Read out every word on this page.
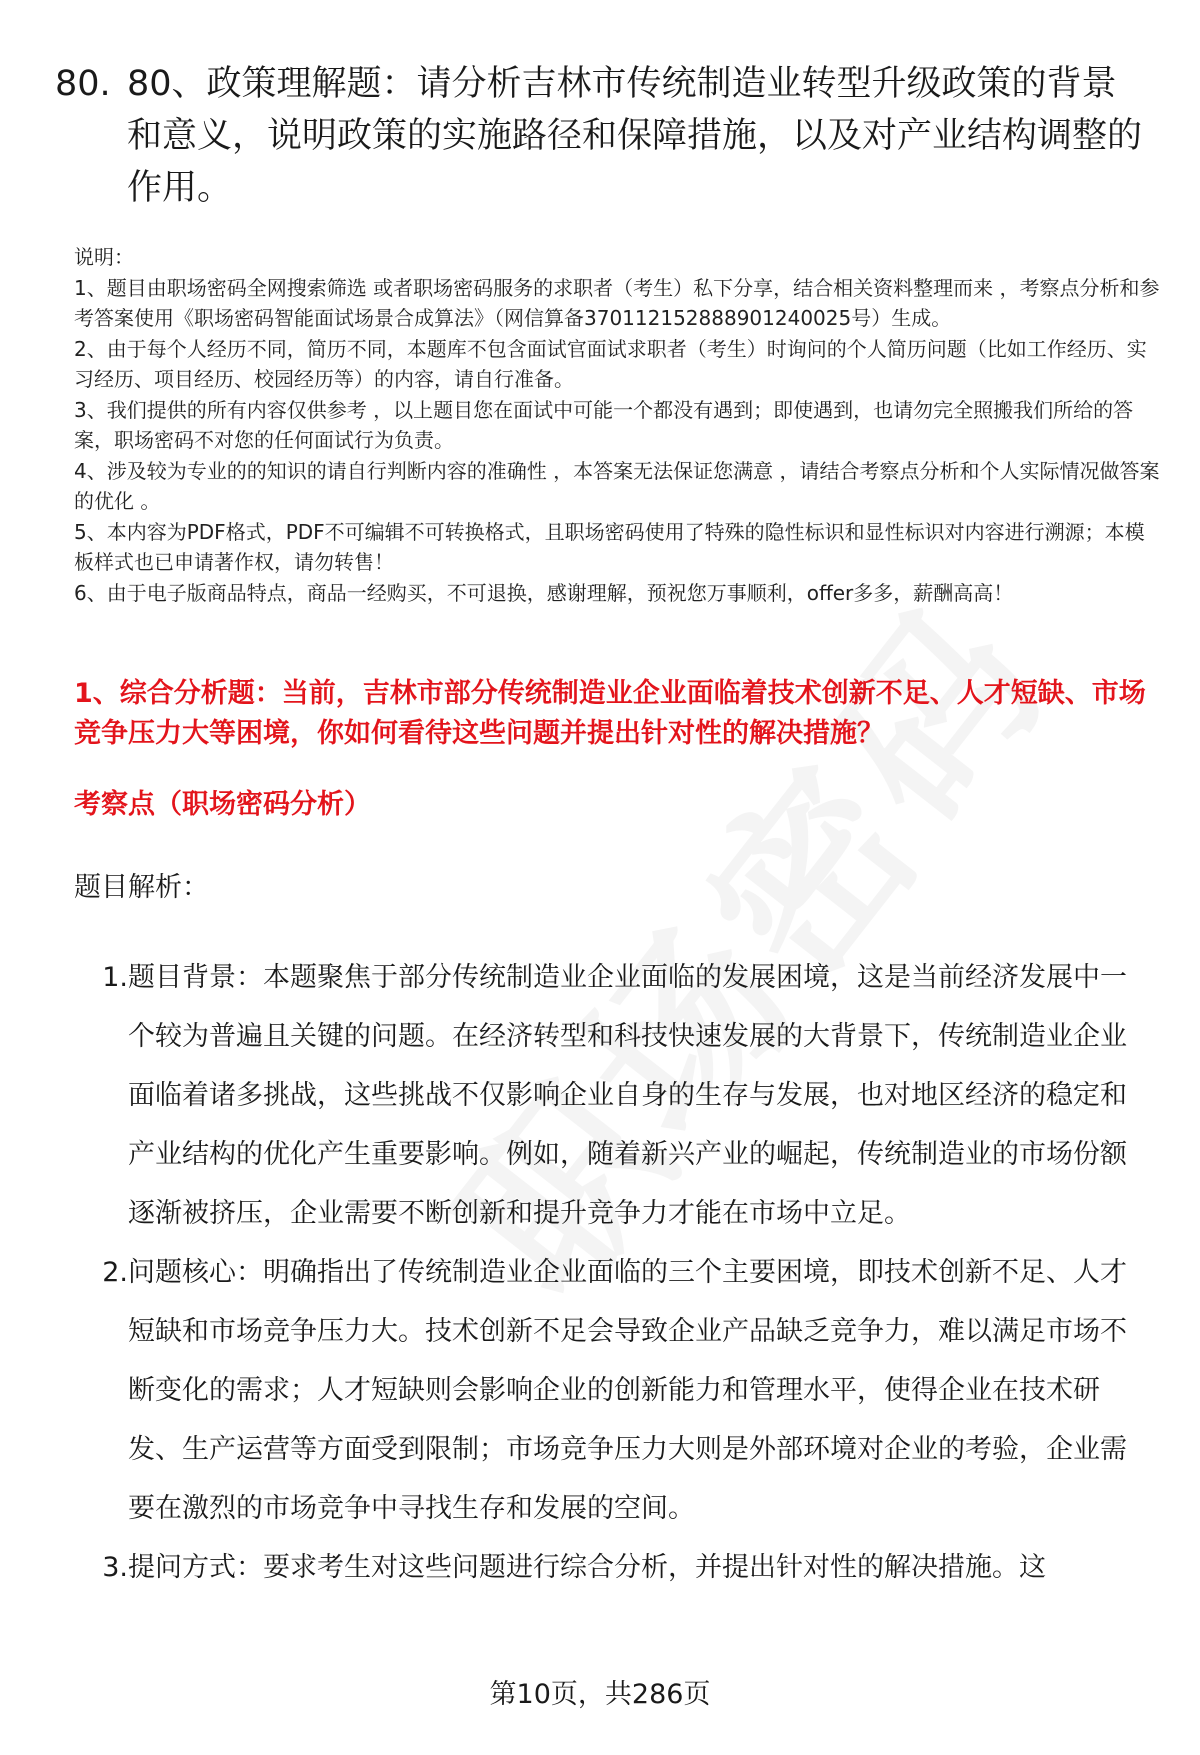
80. 80、政策理解题：请分析吉林市传统制造业转型升级政策的背景和意义，说明政策的实施路径和保障措施，以及对产业结构调整的作用。

说明：

1、题目由职场密码全网搜索筛选 或者职场密码服务的求职者（考生）私下分享，结合相关资料整理而来 ，考察点分析和参考答案使用《职场密码智能面试场景合成算法》（网信算备370112152888901240025号）生成。

2、由于每个人经历不同，简历不同，本题库不包含面试官面试求职者（考生）时询问的个人简历问题（比如工作经历、实习经历、项目经历、校园经历等）的内容，请自行准备。

3、我们提供的所有内容仅供参考 ，以上题目您在面试中可能一个都没有遇到；即使遇到，也请勿完全照搬我们所给的答案，职场密码不对您的任何面试行为负责。

4、涉及较为专业的的知识的请自行判断内容的准确性 ，本答案无法保证您满意 ，请结合考察点分析和个人实际情况做答案的优化 。

5、本内容为PDF格式，PDF不可编辑不可转换格式，且职场密码使用了特殊的隐性标识和显性标识对内容进行溯源；本模板样式也已申请著作权，请勿转售！

6、由于电子版商品特点，商品一经购买，不可退换，感谢理解，预祝您万事顺利，offer多多，薪酬高高！

1、综合分析题：当前，吉林市部分传统制造业企业面临着技术创新不足、人才短缺、市场竞争压力大等困境，你如何看待这些问题并提出针对性的解决措施？
考察点（职场密码分析）
题目解析：
1. 题目背景：本题聚焦于部分传统制造业企业面临的发展困境，这是当前经济发展中一个较为普遍且关键的问题。在经济转型和科技快速发展的大背景下，传统制造业企业面临着诸多挑战，这些挑战不仅影响企业自身的生存与发展，也对地区经济的稳定和产业结构的优化产生重要影响。例如，随着新兴产业的崛起，传统制造业的市场份额逐渐被挤压，企业需要不断创新和提升竞争力才能在市场中立足。
2. 问题核心：明确指出了传统制造业企业面临的三个主要困境，即技术创新不足、人才短缺和市场竞争压力大。技术创新不足会导致企业产品缺乏竞争力，难以满足市场不断变化的需求；人才短缺则会影响企业的创新能力和管理水平，使得企业在技术研发、生产运营等方面受到限制；市场竞争压力大则是外部环境对企业的考验，企业需要在激烈的市场竞争中寻找生存和发展的空间。
3. 提问方式：要求考生对这些问题进行综合分析，并提出针对性的解决措施。这
第10页，共286页
